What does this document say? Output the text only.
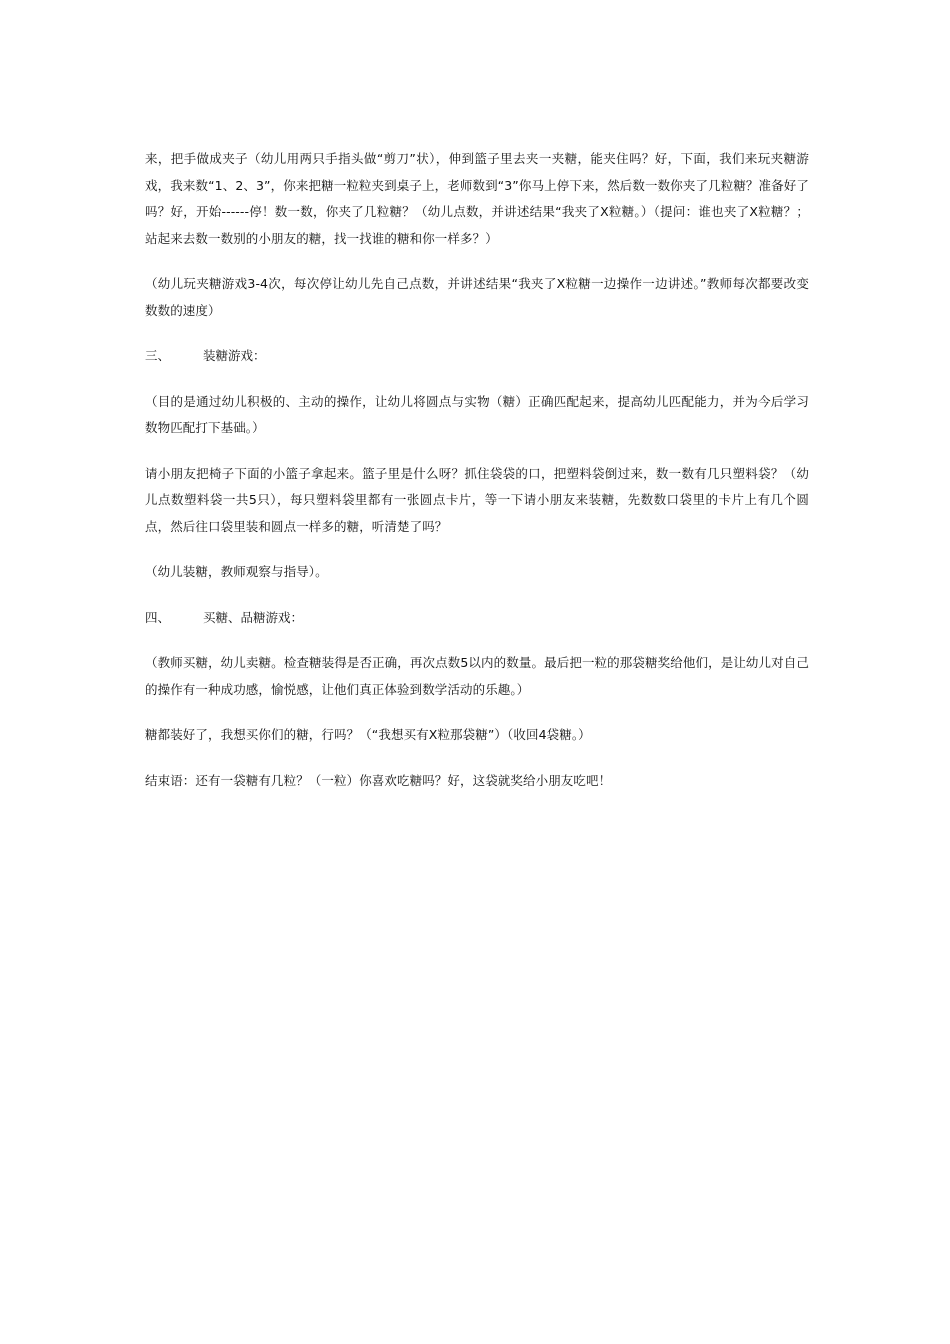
来，把手做成夹子（幼儿用两只手指头做“剪刀”状），伸到篮子里去夹一夹糖，能夹住吗？好，下面，我们来玩夹糖游戏，我来数“1、2、3”，你来把糖一粒粒夹到桌子上，老师数到“3”你马上停下来，然后数一数你夹了几粒糖？准备好了吗？好，开始------停！数一数，你夹了几粒糖？（幼儿点数，并讲述结果“我夹了X粒糖。）（提问：谁也夹了X粒糖？；站起来去数一数别的小朋友的糖，找一找谁的糖和你一样多？）

（幼儿玩夹糖游戏3-4次，每次停让幼儿先自己点数，并讲述结果“我夹了X粒糖一边操作一边讲述。”教师每次都要改变数数的速度）

三、	装糖游戏：

（目的是通过幼儿积极的、主动的操作，让幼儿将圆点与实物（糖）正确匹配起来，提高幼儿匹配能力，并为今后学习数物匹配打下基础。）

请小朋友把椅子下面的小篮子拿起来。篮子里是什么呀？抓住袋袋的口，把塑料袋倒过来，数一数有几只塑料袋？（幼儿点数塑料袋一共5只），每只塑料袋里都有一张圆点卡片，等一下请小朋友来装糖，先数数口袋里的卡片上有几个圆点，然后往口袋里装和圆点一样多的糖，听清楚了吗？

（幼儿装糖，教师观察与指导）。

四、	买糖、品糖游戏：

（教师买糖，幼儿卖糖。检查糖装得是否正确，再次点数5以内的数量。最后把一粒的那袋糖奖给他们，是让幼儿对自己的操作有一种成功感，愉悦感，让他们真正体验到数学活动的乐趣。）

糖都装好了，我想买你们的糖，行吗？（“我想买有X粒那袋糖”）（收回4袋糖。）

结束语：还有一袋糖有几粒？（一粒）你喜欢吃糖吗？好，这袋就奖给小朋友吃吧！
